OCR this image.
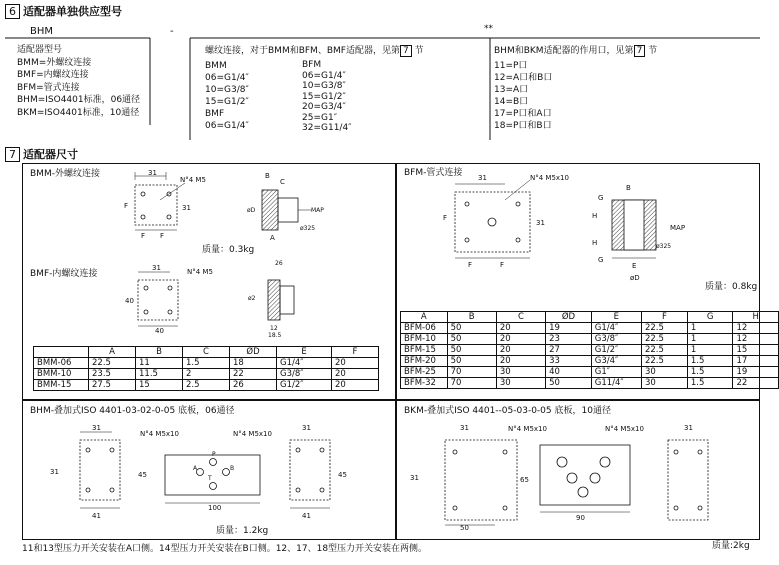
6 适配器单独供应型号
BHM	-	**
适配器型号
BMM=外螺纹连接
BMF=内螺纹连接
BFM=管式连接
BHM=ISO4401标准，06通径
BKM=ISO4401标准，10通径
螺纹连接，对于BMM和BFM、BMF适配器，见第 7 节
BMM
06=G1/4″
10=G3/8″
15=G1/2″
BMF
06=G1/4″
BFM
06=G1/4″
10=G3/8″
15=G1/2″
20=G3/4″
25=G1″
32=G11/4″
BHM和BKM适配器的作用口，见第 7 节
11=P口
12=A口和B口
13=A口
14=B口
17=P口和A口
18=P口和B口
7 适配器尺寸
BMM-外螺纹连接
BMF-内螺纹连接
BFM-管式连接
BHM-叠加式ISO 4401-03-02-0-05 底板，06通径	BKM-叠加式ISO 4401--05-03-0-05 底板，10通径
质量：0.3kg
质量：0.8kg
质量：1.2kg
质量:2kg
11和13型压力开关安装在A口侧。14型压力开关安装在B口侧。12、17、18型压力开关安装在两侧。
31
N°4 M5
F F
F	31
B
C
A
MAP
øD
ø325
31	N°4 M5
40
40
26
12
18.5
ø2
31	N°4 M5x10
F	F
F
31
B
G
H
H
G
E
øD
MAP
ø325
31
41
31	45
N°4 M5x10
100
A	B
P
T
31
41
45
N°4 M5x10
31
50
31	65
N°4 M5x10
90
31
N°4 M5x10
	A	B	C	ØD	E	F
BMM-06	22.5	11	1.5	18	G1/4″	20
BMM-10	23.5	11.5	2	22	G3/8″	20
BMM-15	27.5	15	2.5	26	G1/2″	20
A	B	C	ØD	E	F	G	H
BFM-06	50	20	19	G1/4″	22.5	1	12
BFM-10	50	20	23	G3/8″	22.5	1	12
BFM-15	50	20	27	G1/2″	22.5	1	15
BFM-20	50	20	33	G3/4″	22.5	1.5	17
BFM-25	70	30	40	G1″	30	1.5	19
BFM-32	70	30	50	G11/4″	30	1.5	22
